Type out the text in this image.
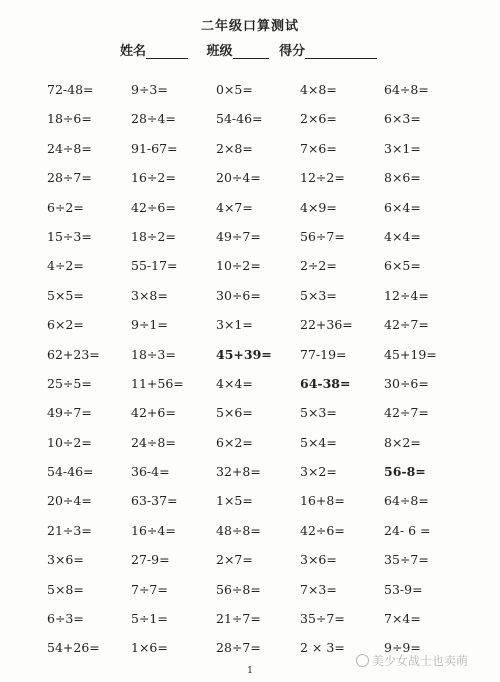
二年级口算测试
姓名	班级	得分
72-48=	9÷3=	0×5=	4×8=	64÷8=
18÷6=	28÷4=	54-46=	2×6=	6×3=
24÷8=	91-67=	2×8=	7×6=	3×1=
28÷7=	16÷2=	20÷4=	12÷2=	8×6=
6÷2=	42÷6=	4×7=	4×9=	6×4=
15÷3=	18÷2=	49÷7=	56÷7=	4×4=
4÷2=	55-17=	10÷2=	2÷2=	6×5=
5×5=	3×8=	30÷6=	5×3=	12÷4=
6×2=	9÷1=	3×1=	22+36= 42÷7=
62+23= 18÷3=	45+39= 77-19=	45+19=
25÷5=	11+56=	4×4=	64-38=	30÷6=
49÷7=	42+6=	5×6=	5×3=	42÷7=
10÷2=	24÷8=	6×2=	5×4=	8×2=
54-46=	36-4=	32+8=	3×2=	56-8=
20÷4=	63-37=	1×5=	16+8=	64÷8=
21÷3=	16÷4=	48÷8=	42÷6=	24- 6 =
3×6=	27-9=	2×7=	3×6=	35÷7=
5×8=	7÷7=	56÷8=	7×3=	53-9=
6÷3=	5÷1=	21÷7=	35÷7=	7×4=
54+26= 1×6=	28÷7=	2 × 3=	9÷9=
1
美少女战士也卖萌
